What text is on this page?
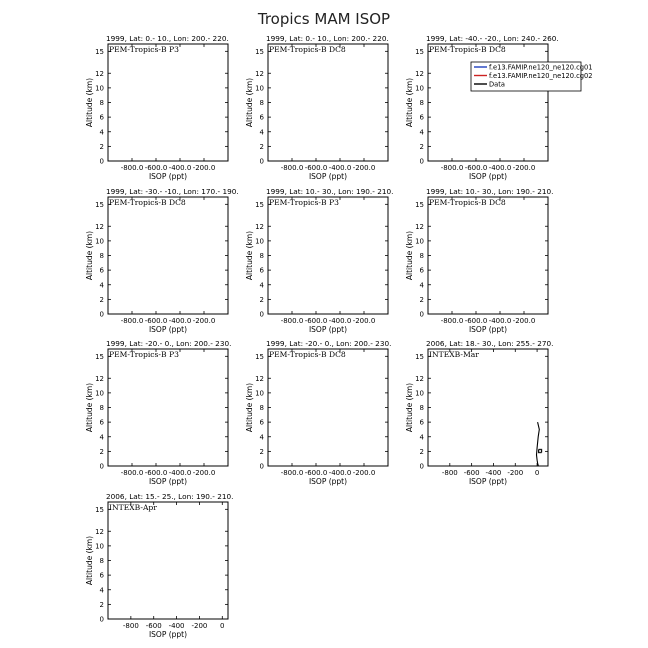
Tropics MAM ISOP
1999, Lat: 0.- 10., Lon: 200.- 220.
PEM-Tropics-B P3
0
2
4
6
8
10
12
15
-800.0 -600.0 -400.0 -200.0
ISOP (ppt)
Altitude (km)
1999, Lat: 0.- 10., Lon: 200.- 220.
PEM-Tropics-B DC8
0
2
4
6
8
10
12
15
-800.0 -600.0 -400.0 -200.0
ISOP (ppt)
Altitude (km)
1999, Lat: -40.- -20., Lon: 240.- 260.
PEM-Tropics-B DC8
0
2
4
6
8
10
12
15
-800.0 -600.0 -400.0 -200.0
ISOP (ppt)
Altitude (km)
1999, Lat: -30.- -10., Lon: 170.- 190.
PEM-Tropics-B DC8
0
2
4
6
8
10
12
15
-800.0 -600.0 -400.0 -200.0
ISOP (ppt)
Altitude (km)
1999, Lat: 10.- 30., Lon: 190.- 210.
PEM-Tropics-B P3
0
2
4
6
8
10
12
15
-800.0 -600.0 -400.0 -200.0
ISOP (ppt)
Altitude (km)
1999, Lat: 10.- 30., Lon: 190.- 210.
PEM-Tropics-B DC8
0
2
4
6
8
10
12
15
-800.0 -600.0 -400.0 -200.0
ISOP (ppt)
Altitude (km)
1999, Lat: -20.- 0., Lon: 200.- 230.
PEM-Tropics-B P3
0
2
4
6
8
10
12
15
-800.0 -600.0 -400.0 -200.0
ISOP (ppt)
Altitude (km)
1999, Lat: -20.- 0., Lon: 200.- 230.
PEM-Tropics-B DC8
0
2
4
6
8
10
12
15
-800.0 -600.0 -400.0 -200.0
ISOP (ppt)
Altitude (km)
2006, Lat: 18.- 30., Lon: 255.- 270.
INTEXB-Mar
0
2
4
6
8
10
12
15
-800 -600 -400 -200 0
ISOP (ppt)
Altitude (km)
2006, Lat: 15.- 25., Lon: 190.- 210.
INTEXB-Apr
0
2
4
6
8
10
12
15
-800 -600 -400 -200 0
ISOP (ppt)
Altitude (km)
f.e13.FAMIP.ne120_ne120.cg01
f.e13.FAMIP.ne120_ne120.cg02
Data
